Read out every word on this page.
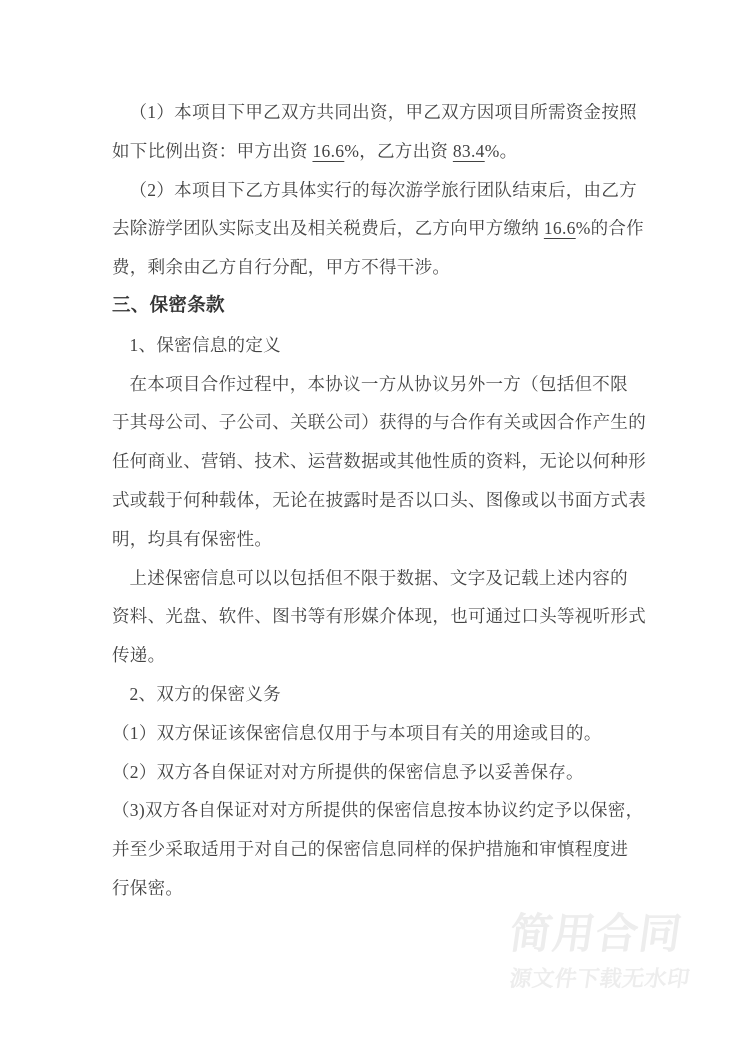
（1）本项目下甲乙双方共同出资，甲乙双方因项目所需资金按照
如下比例出资：甲方出资 16.6%，乙方出资 83.4%。
（2）本项目下乙方具体实行的每次游学旅行团队结束后，由乙方
去除游学团队实际支出及相关税费后，乙方向甲方缴纳 16.6%的合作
费，剩余由乙方自行分配，甲方不得干涉。
三、保密条款
1、保密信息的定义
在本项目合作过程中，本协议一方从协议另外一方（包括但不限
于其母公司、子公司、关联公司）获得的与合作有关或因合作产生的
任何商业、营销、技术、运营数据或其他性质的资料，无论以何种形
式或载于何种载体，无论在披露时是否以口头、图像或以书面方式表
明，均具有保密性。
上述保密信息可以以包括但不限于数据、文字及记载上述内容的
资料、光盘、软件、图书等有形媒介体现，也可通过口头等视听形式
传递。
2、双方的保密义务
（1）双方保证该保密信息仅用于与本项目有关的用途或目的。
（2）双方各自保证对对方所提供的保密信息予以妥善保存。
（3)双方各自保证对对方所提供的保密信息按本协议约定予以保密，
并至少采取适用于对自己的保密信息同样的保护措施和审慎程度进
行保密。
简用合同
源文件下载无水印
